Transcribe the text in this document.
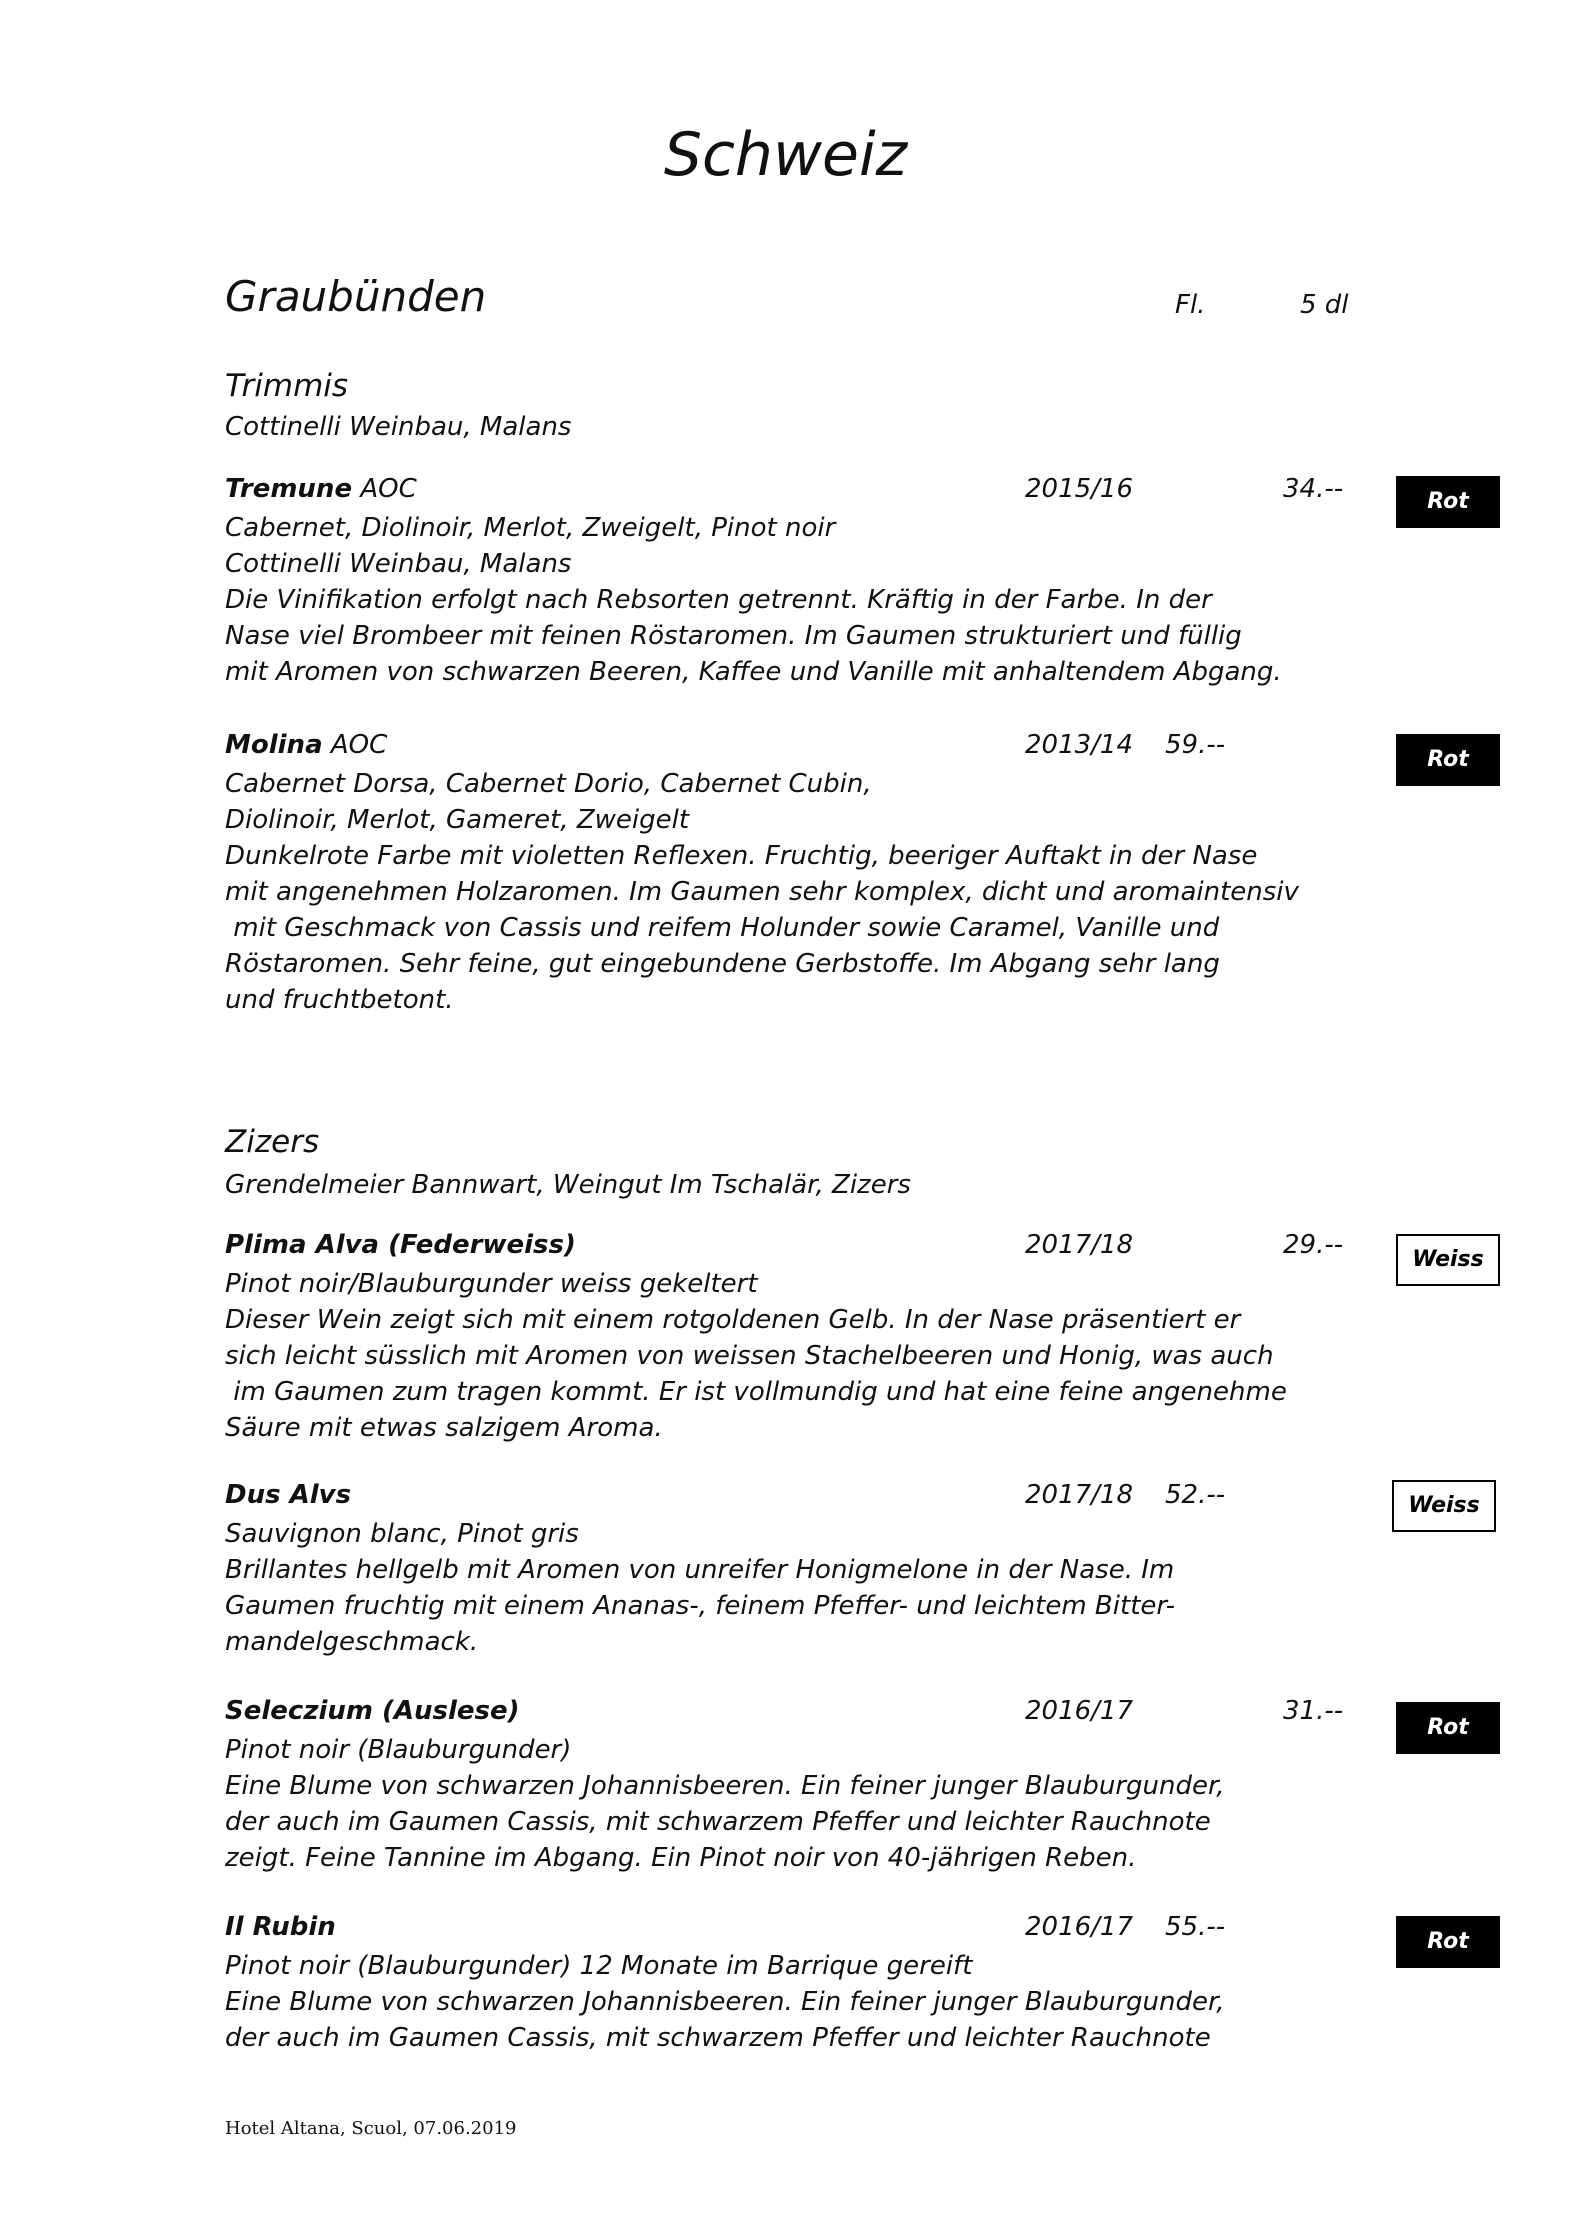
Schweiz
Graubünden	Fl.	5 dl
Trimmis
Cottinelli Weinbau, Malans
Tremune AOC	2015/16	34.--
Cabernet, Diolinoir, Merlot, Zweigelt, Pinot noir
Cottinelli Weinbau, Malans
Die Vinifikation erfolgt nach Rebsorten getrennt. Kräftig in der Farbe. In der
Nase viel Brombeer mit feinen Röstaromen. Im Gaumen strukturiert und füllig
mit Aromen von schwarzen Beeren, Kaffee und Vanille mit anhaltendem Abgang.
Rot
Molina AOC	2013/14 59.--
Cabernet Dorsa, Cabernet Dorio, Cabernet Cubin,
Diolinoir, Merlot, Gameret, Zweigelt
Dunkelrote Farbe mit violetten Reflexen. Fruchtig, beeriger Auftakt in der Nase
mit angenehmen Holzaromen. Im Gaumen sehr komplex, dicht und aromaintensiv
mit Geschmack von Cassis und reifem Holunder sowie Caramel, Vanille und
Röstaromen. Sehr feine, gut eingebundene Gerbstoffe. Im Abgang sehr lang
und fruchtbetont.
Rot
Zizers
Grendelmeier Bannwart, Weingut Im Tschalär, Zizers
Plima Alva (Federweiss)	2017/18	29.--
Pinot noir/Blauburgunder weiss gekeltert
Dieser Wein zeigt sich mit einem rotgoldenen Gelb. In der Nase präsentiert er
sich leicht süsslich mit Aromen von weissen Stachelbeeren und Honig, was auch
im Gaumen zum tragen kommt. Er ist vollmundig und hat eine feine angenehme
Säure mit etwas salzigem Aroma.
Weiss
Dus Alvs	2017/18 52.--
Sauvignon blanc, Pinot gris
Brillantes hellgelb mit Aromen von unreifer Honigmelone in der Nase. Im
Gaumen fruchtig mit einem Ananas-, feinem Pfeffer- und leichtem Bitter-
mandelgeschmack.
Weiss
Seleczium (Auslese)	2016/17	31.--
Pinot noir (Blauburgunder)
Eine Blume von schwarzen Johannisbeeren. Ein feiner junger Blauburgunder,
der auch im Gaumen Cassis, mit schwarzem Pfeffer und leichter Rauchnote
zeigt. Feine Tannine im Abgang. Ein Pinot noir von 40-jährigen Reben.
Rot
Il Rubin	2016/17 55.--
Pinot noir (Blauburgunder) 12 Monate im Barrique gereift
Eine Blume von schwarzen Johannisbeeren. Ein feiner junger Blauburgunder,
der auch im Gaumen Cassis, mit schwarzem Pfeffer und leichter Rauchnote
Rot
Hotel Altana, Scuol, 07.06.2019
